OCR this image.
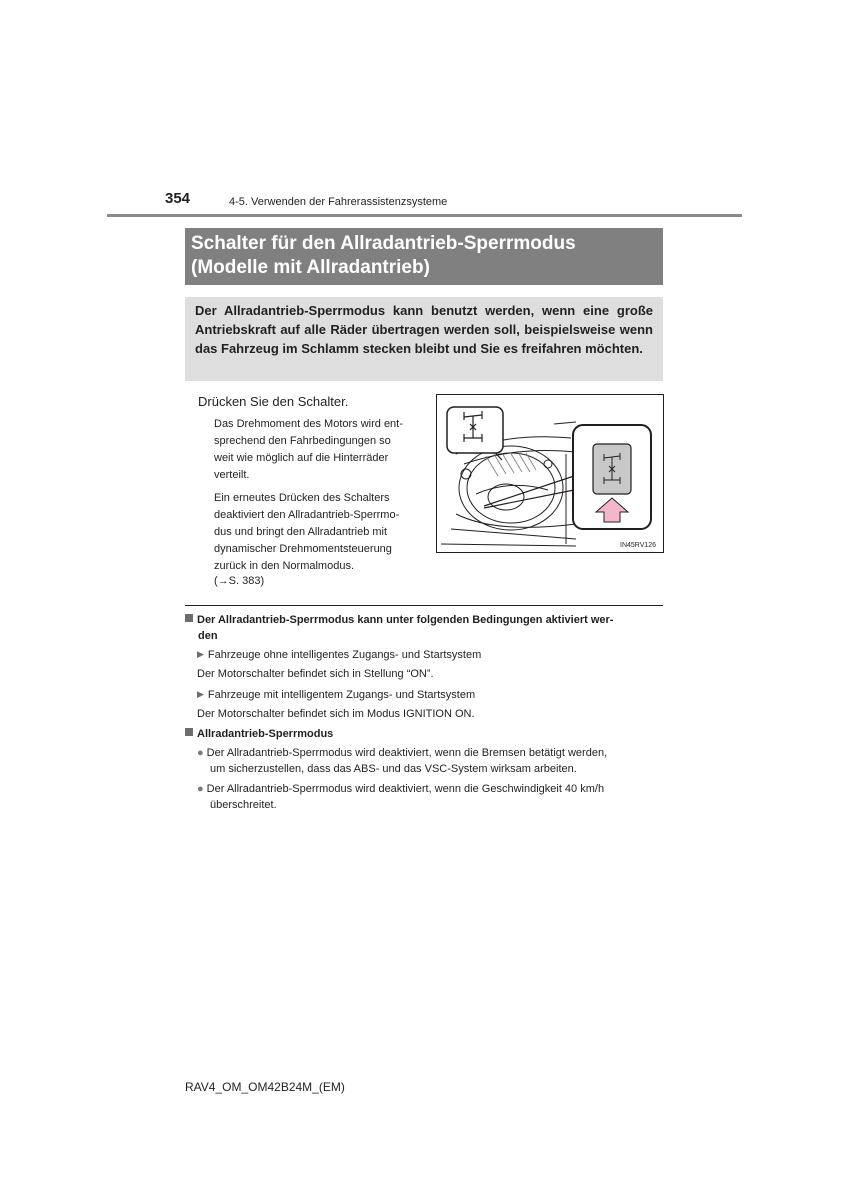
354	4-5. Verwenden der Fahrerassistenzsysteme
Schalter für den Allradantrieb-Sperrmodus
(Modelle mit Allradantrieb)
Der Allradantrieb-Sperrmodus kann benutzt werden, wenn eine große Antriebskraft auf alle Räder übertragen werden soll, beispielsweise wenn das Fahrzeug im Schlamm stecken bleibt und Sie es freifahren möchten.
Drücken Sie den Schalter.

Das Drehmoment des Motors wird ent-
sprechend den Fahrbedingungen so
weit wie möglich auf die Hinterräder
verteilt.

Ein erneutes Drücken des Schalters
deaktiviert den Allradantrieb-Sperrmo-
dus und bringt den Allradantrieb mit
dynamischer Drehmomentsteuerung
zurück in den Normalmodus.

(→S. 383)
IN45RV126
Der Allradantrieb-Sperrmodus kann unter folgenden Bedingungen aktiviert wer-
den
▶ Fahrzeuge ohne intelligentes Zugangs- und Startsystem
Der Motorschalter befindet sich in Stellung “ON”.
▶ Fahrzeuge mit intelligentem Zugangs- und Startsystem
Der Motorschalter befindet sich im Modus IGNITION ON.
Allradantrieb-Sperrmodus
● Der Allradantrieb-Sperrmodus wird deaktiviert, wenn die Bremsen betätigt werden,
um sicherzustellen, dass das ABS- und das VSC-System wirksam arbeiten.
● Der Allradantrieb-Sperrmodus wird deaktiviert, wenn die Geschwindigkeit 40 km/h
überschreitet.
RAV4_OM_OM42B24M_(EM)
